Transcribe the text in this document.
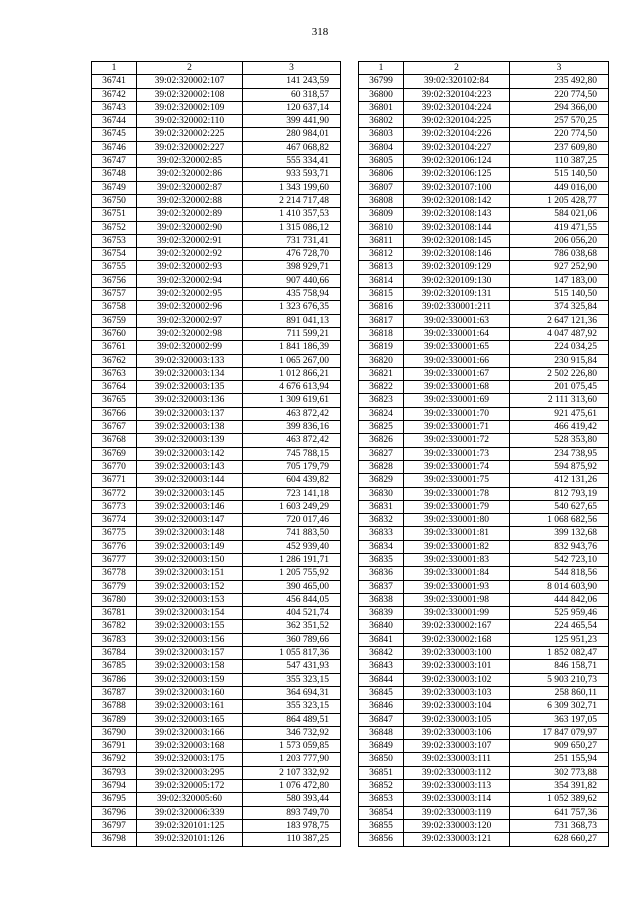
318
1	2	3
36741	39:02:320002:107	141 243,59
36742	39:02:320002:108	60 318,57
36743	39:02:320002:109	120 637,14
36744	39:02:320002:110	399 441,90
36745	39:02:320002:225	280 984,01
36746	39:02:320002:227	467 068,82
36747	39:02:320002:85	555 334,41
36748	39:02:320002:86	933 593,71
36749	39:02:320002:87	1 343 199,60
36750	39:02:320002:88	2 214 717,48
36751	39:02:320002:89	1 410 357,53
36752	39:02:320002:90	1 315 086,12
36753	39:02:320002:91	731 731,41
36754	39:02:320002:92	476 728,70
36755	39:02:320002:93	398 929,71
36756	39:02:320002:94	907 440,66
36757	39:02:320002:95	435 758,94
36758	39:02:320002:96	1 323 676,35
36759	39:02:320002:97	891 041,13
36760	39:02:320002:98	711 599,21
36761	39:02:320002:99	1 841 186,39
36762	39:02:320003:133	1 065 267,00
36763	39:02:320003:134	1 012 866,21
36764	39:02:320003:135	4 676 613,94
36765	39:02:320003:136	1 309 619,61
36766	39:02:320003:137	463 872,42
36767	39:02:320003:138	399 836,16
36768	39:02:320003:139	463 872,42
36769	39:02:320003:142	745 788,15
36770	39:02:320003:143	705 179,79
36771	39:02:320003:144	604 439,82
36772	39:02:320003:145	723 141,18
36773	39:02:320003:146	1 603 249,29
36774	39:02:320003:147	720 017,46
36775	39:02:320003:148	741 883,50
36776	39:02:320003:149	452 939,40
36777	39:02:320003:150	1 286 191,71
36778	39:02:320003:151	1 205 755,92
36779	39:02:320003:152	390 465,00
36780	39:02:320003:153	456 844,05
36781	39:02:320003:154	404 521,74
36782	39:02:320003:155	362 351,52
36783	39:02:320003:156	360 789,66
36784	39:02:320003:157	1 055 817,36
36785	39:02:320003:158	547 431,93
36786	39:02:320003:159	355 323,15
36787	39:02:320003:160	364 694,31
36788	39:02:320003:161	355 323,15
36789	39:02:320003:165	864 489,51
36790	39:02:320003:166	346 732,92
36791	39:02:320003:168	1 573 059,85
36792	39:02:320003:175	1 203 777,90
36793	39:02:320003:295	2 107 332,92
36794	39:02:320005:172	1 076 472,80
36795	39:02:320005:60	580 393,44
36796	39:02:320006:339	893 749,70
36797	39:02:320101:125	183 978,75
36798	39:02:320101:126	110 387,25
1	2	3
36799	39:02:320102:84	235 492,80
36800	39:02:320104:223	220 774,50
36801	39:02:320104:224	294 366,00
36802	39:02:320104:225	257 570,25
36803	39:02:320104:226	220 774,50
36804	39:02:320104:227	237 609,80
36805	39:02:320106:124	110 387,25
36806	39:02:320106:125	515 140,50
36807	39:02:320107:100	449 016,00
36808	39:02:320108:142	1 205 428,77
36809	39:02:320108:143	584 021,06
36810	39:02:320108:144	419 471,55
36811	39:02:320108:145	206 056,20
36812	39:02:320108:146	786 038,68
36813	39:02:320109:129	927 252,90
36814	39:02:320109:130	147 183,00
36815	39:02:320109:131	515 140,50
36816	39:02:330001:211	374 325,84
36817	39:02:330001:63	2 647 121,36
36818	39:02:330001:64	4 047 487,92
36819	39:02:330001:65	224 034,25
36820	39:02:330001:66	230 915,84
36821	39:02:330001:67	2 502 226,80
36822	39:02:330001:68	201 075,45
36823	39:02:330001:69	2 111 313,60
36824	39:02:330001:70	921 475,61
36825	39:02:330001:71	466 419,42
36826	39:02:330001:72	528 353,80
36827	39:02:330001:73	234 738,95
36828	39:02:330001:74	594 875,92
36829	39:02:330001:75	412 131,26
36830	39:02:330001:78	812 793,19
36831	39:02:330001:79	540 627,65
36832	39:02:330001:80	1 068 682,56
36833	39:02:330001:81	399 132,68
36834	39:02:330001:82	832 943,76
36835	39:02:330001:83	542 723,10
36836	39:02:330001:84	544 818,56
36837	39:02:330001:93	8 014 603,90
36838	39:02:330001:98	444 842,06
36839	39:02:330001:99	525 959,46
36840	39:02:330002:167	224 465,54
36841	39:02:330002:168	125 951,23
36842	39:02:330003:100	1 852 082,47
36843	39:02:330003:101	846 158,71
36844	39:02:330003:102	5 903 210,73
36845	39:02:330003:103	258 860,11
36846	39:02:330003:104	6 309 302,71
36847	39:02:330003:105	363 197,05
36848	39:02:330003:106	17 847 079,97
36849	39:02:330003:107	909 650,27
36850	39:02:330003:111	251 155,94
36851	39:02:330003:112	302 773,88
36852	39:02:330003:113	354 391,82
36853	39:02:330003:114	1 052 389,62
36854	39:02:330003:119	641 757,36
36855	39:02:330003:120	731 368,73
36856	39:02:330003:121	628 660,27
